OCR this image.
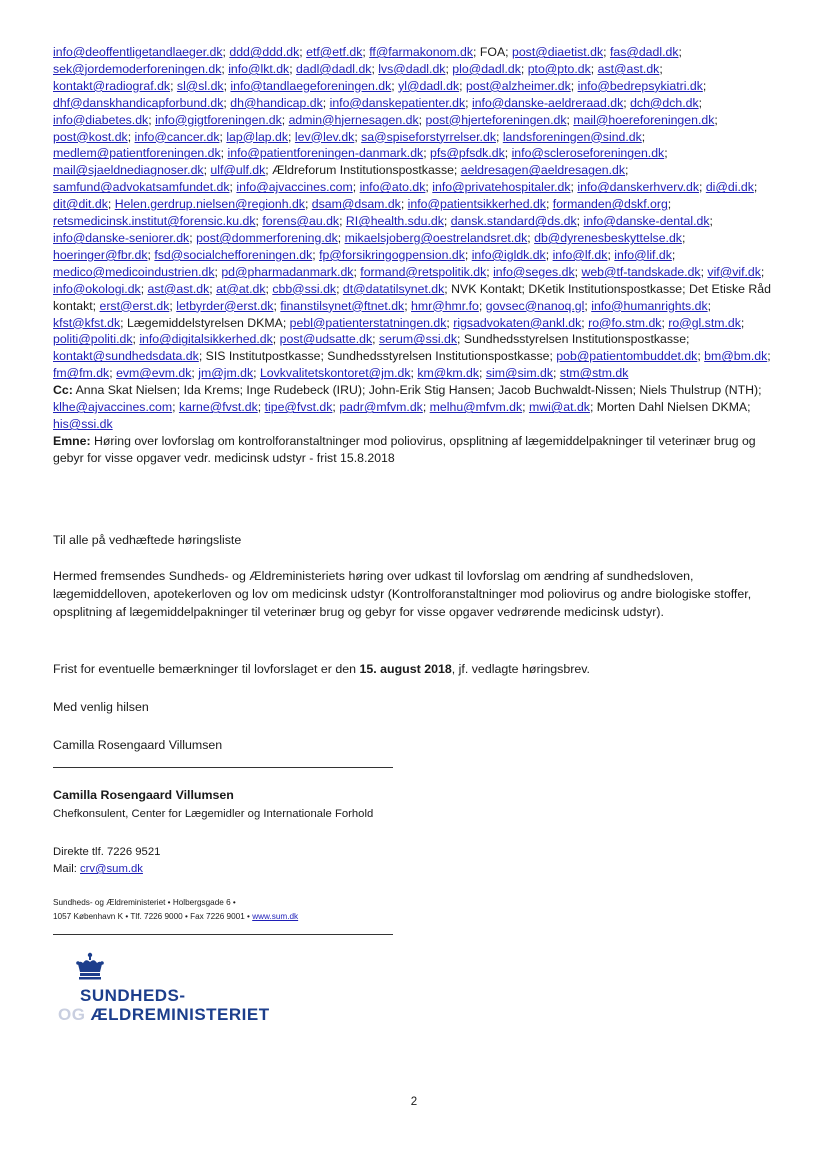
info@deoffentligetandlaeger.dk; ddd@ddd.dk; etf@etf.dk; ff@farmakonom.dk; FOA; post@diaetist.dk; fas@dadl.dk; sek@jordemoderforeningen.dk; info@lkt.dk; dadl@dadl.dk; lvs@dadl.dk; plo@dadl.dk; pto@pto.dk; ast@ast.dk; kontakt@radiograf.dk; sl@sl.dk; info@tandlaegeforeningen.dk; yl@dadl.dk; post@alzheimer.dk; info@bedrepsykiatri.dk; dhf@danskhandicapforbund.dk; dh@handicap.dk; info@danskepatienter.dk; info@danske-aeldreraad.dk; dch@dch.dk; info@diabetes.dk; info@gigtforeningen.dk; admin@hjernesagen.dk; post@hjerteforeningen.dk; mail@hoereforeningen.dk; post@kost.dk; info@cancer.dk; lap@lap.dk; lev@lev.dk; sa@spiseforstyrrelser.dk; landsforeningen@sind.dk; medlem@patientforeningen.dk; info@patientforeningen-danmark.dk; pfs@pfsdk.dk; info@scleroseforeningen.dk; mail@sjaeldnediagnoser.dk; ulf@ulf.dk; Ældreforum Institutionspostkasse; aeldresagen@aeldresagen.dk; samfund@advokatsamfundet.dk; info@ajvaccines.com; info@ato.dk; info@privatehospitaler.dk; info@danskerhverv.dk; di@di.dk; dit@dit.dk; Helen.gerdrup.nielsen@regionh.dk; dsam@dsam.dk; info@patientsikkerhed.dk; formanden@dskf.org; retsmedicinsk.institut@forensic.ku.dk; forens@au.dk; RI@health.sdu.dk; dansk.standard@ds.dk; info@danske-dental.dk; info@danske-seniorer.dk; post@dommerforening.dk; mikaelsjoberg@oestrelandsret.dk; db@dyrenesbeskyttelse.dk; hoeringer@fbr.dk; fsd@socialchefforeningen.dk; fp@forsikringogpension.dk; info@igldk.dk; info@lf.dk; info@lif.dk; medico@medicoindustrien.dk; pd@pharmadanmark.dk; formand@retspolitik.dk; info@seges.dk; web@tf-tandskade.dk; vif@vif.dk; info@okologi.dk; ast@ast.dk; at@at.dk; cbb@ssi.dk; dt@datatilsynet.dk; NVK Kontakt; DKetik Institutionspostkasse; Det Etiske Råd kontakt; erst@erst.dk; letbyrder@erst.dk; finanstilsynet@ftnet.dk; hmr@hmr.fo; govsec@nanoq.gl; info@humanrights.dk; kfst@kfst.dk; Lægemiddelstyrelsen DKMA; pebl@patienterstatningen.dk; rigsadvokaten@ankl.dk; ro@fo.stm.dk; ro@gl.stm.dk; politi@politi.dk; info@digitalsikkerhed.dk; post@udsatte.dk; serum@ssi.dk; Sundhedsstyrelsen Institutionspostkasse; kontakt@sundhedsdata.dk; SIS Institutpostkasse; Sundhedsstyrelsen Institutionspostkasse; pob@patientombuddet.dk; bm@bm.dk; fm@fm.dk; evm@evm.dk; jm@jm.dk; Lovkvalitetskontoret@jm.dk; km@km.dk; sim@sim.dk; stm@stm.dk
Cc: Anna Skat Nielsen; Ida Krems; Inge Rudebeck (IRU); John-Erik Stig Hansen; Jacob Buchwaldt-Nissen; Niels Thulstrup (NTH); klhe@ajvaccines.com; karne@fvst.dk; tipe@fvst.dk; padr@mfvm.dk; melhu@mfvm.dk; mwi@at.dk; Morten Dahl Nielsen DKMA; his@ssi.dk
Emne: Høring over lovforslag om kontrolforanstaltninger mod poliovirus, opsplitning af lægemiddelpakninger til veterinær brug og gebyr for visse opgaver vedr. medicinsk udstyr - frist 15.8.2018
Til alle på vedhæftede høringsliste
Hermed fremsendes Sundheds- og Ældreministeriets høring over udkast til lovforslag om ændring af sundhedsloven, lægemiddelloven, apotekerloven og lov om medicinsk udstyr (Kontrolforanstaltninger mod poliovirus og andre biologiske stoffer, opsplitning af lægemiddelpakninger til veterinær brug og gebyr for visse opgaver vedrørende medicinsk udstyr).
Frist for eventuelle bemærkninger til lovforslaget er den 15. august 2018, jf. vedlagte høringsbrev.
Med venlig hilsen
Camilla Rosengaard Villumsen
Camilla Rosengaard Villumsen
Chefkonsulent, Center for Lægemidler og Internationale Forhold
Direkte tlf. 7226 9521
Mail: crv@sum.dk
Sundheds- og Ældreministeriet • Holbergsgade 6 •
1057 København K • Tlf. 7226 9000 • Fax 7226 9001 • www.sum.dk
SUNDHEDS-
OG ÆLDREMINISTERIET
2
